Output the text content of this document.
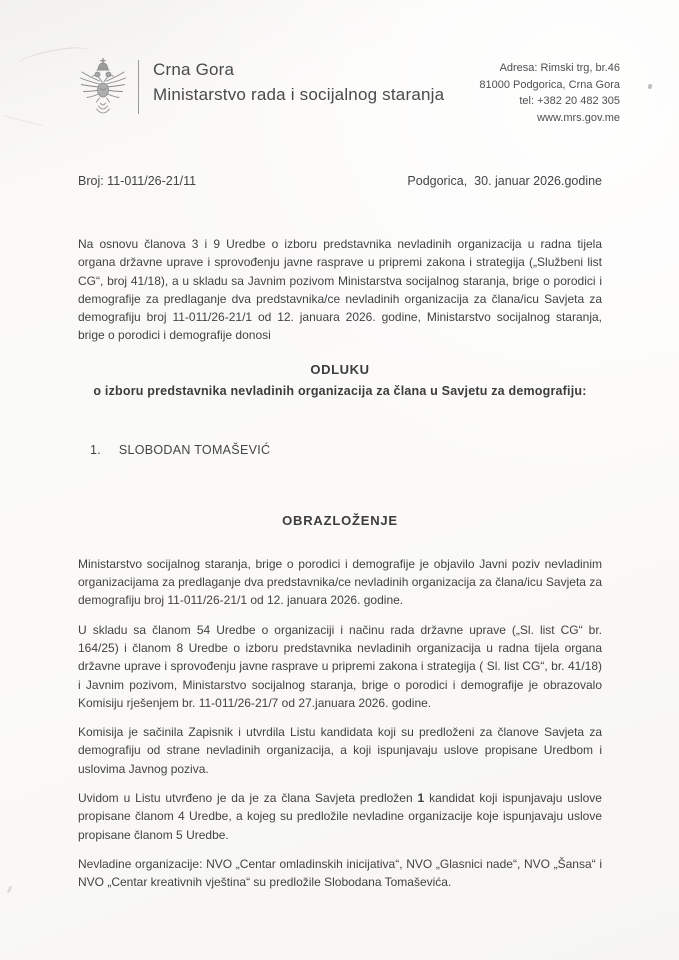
Crna Gora
Ministarstvo rada i socijalnog staranja
Adresa: Rimski trg, br.46
81000 Podgorica, Crna Gora
tel: +382 20 482 305
www.mrs.gov.me
Broj: 11-011/26-21/11	Podgorica,  30. januar 2026.godine

Na osnovu članova 3 i 9 Uredbe o izboru predstavnika nevladinih organizacija u radna tijela organa državne uprave i sprovođenju javne rasprave u pripremi zakona i strategija („Službeni list CG“, broj 41/18), a u skladu sa Javnim pozivom Ministarstva socijalnog staranja, brige o porodici i demografije za predlaganje dva predstavnika/ce nevladinih organizacija za člana/icu Savjeta za demografiju broj 11-011/26-21/1 od 12. januara 2026. godine, Ministarstvo socijalnog staranja, brige o porodici i demografije donosi

ODLUKU
o izboru predstavnika nevladinih organizacija za člana u Savjetu za demografiju:
1. SLOBODAN TOMAŠEVIĆ
OBRAZLOŽENJE

Ministarstvo socijalnog staranja, brige o porodici i demografije je objavilo Javni poziv nevladinim organizacijama za predlaganje dva predstavnika/ce nevladinih organizacija za člana/icu Savjeta za demografiju broj 11-011/26-21/1 od 12. januara 2026. godine.

U skladu sa članom 54 Uredbe o organizaciji i načinu rada državne uprave („Sl. list CG“ br. 164/25) i članom 8 Uredbe o izboru predstavnika nevladinih organizacija u radna tijela organa državne uprave i sprovođenju javne rasprave u pripremi zakona i strategija ( Sl. list CG“, br. 41/18) i Javnim pozivom, Ministarstvo socijalnog staranja, brige o porodici i demografije je obrazovalo Komisiju rješenjem br. 11-011/26-21/7 od 27.januara 2026. godine.

Komisija je sačinila Zapisnik i utvrdila Listu kandidata koji su predloženi za članove Savjeta za demografiju od strane nevladinih organizacija, a koji ispunjavaju uslove propisane Uredbom i uslovima Javnog poziva.

Uvidom u Listu utvrđeno je da je za člana Savjeta predložen 1 kandidat koji ispunjavaju uslove propisane članom 4 Uredbe, a kojeg su predložile nevladine organizacije koje ispunjavaju uslove propisane članom 5 Uredbe.

Nevladine organizacije: NVO „Centar omladinskih inicijativa“, NVO „Glasnici nade“, NVO „Šansa“ i NVO „Centar kreativnih vještina“ su predložile Slobodana Tomaševića.
